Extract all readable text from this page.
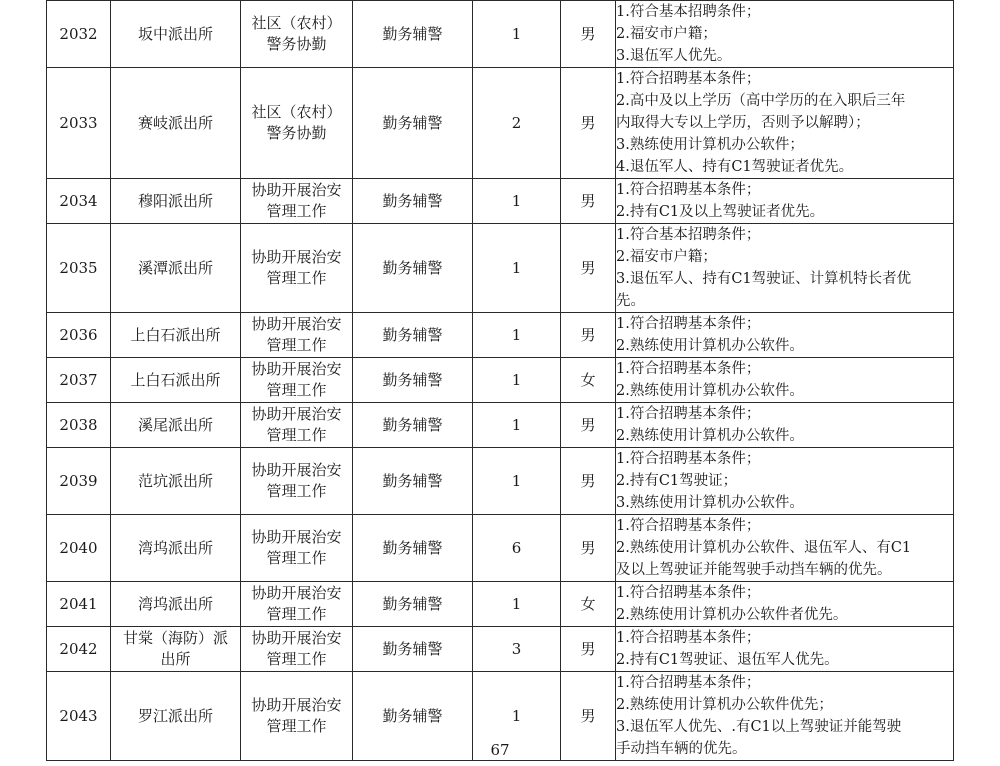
2032	坂中派出所	社区（农村）
警务协勤	勤务辅警	1	男	1.符合基本招聘条件；
2.福安市户籍；
3.退伍军人优先。

2033	赛岐派出所	社区（农村）
警务协勤	勤务辅警	2	男	1.符合招聘基本条件；
2.高中及以上学历（高中学历的在入职后三年
内取得大专以上学历，否则予以解聘）；
3.熟练使用计算机办公软件；
4.退伍军人、持有C1驾驶证者优先。

2034	穆阳派出所	协助开展治安
管理工作	勤务辅警	1	男	1.符合招聘基本条件；
2.持有C1及以上驾驶证者优先。

2035	溪潭派出所	协助开展治安
管理工作	勤务辅警	1	男	1.符合基本招聘条件；
2.福安市户籍；
3.退伍军人、持有C1驾驶证、计算机特长者优
先。

2036	上白石派出所	协助开展治安
管理工作	勤务辅警	1	男	1.符合招聘基本条件；
2.熟练使用计算机办公软件。

2037	上白石派出所	协助开展治安
管理工作	勤务辅警	1	女	1.符合招聘基本条件；
2.熟练使用计算机办公软件。

2038	溪尾派出所	协助开展治安
管理工作	勤务辅警	1	男	1.符合招聘基本条件；
2.熟练使用计算机办公软件。

2039	范坑派出所	协助开展治安
管理工作	勤务辅警	1	男	1.符合招聘基本条件；
2.持有C1驾驶证；
3.熟练使用计算机办公软件。

2040	湾坞派出所	协助开展治安
管理工作	勤务辅警	6	男	1.符合招聘基本条件；
2.熟练使用计算机办公软件、退伍军人、有C1
及以上驾驶证并能驾驶手动挡车辆的优先。

2041	湾坞派出所	协助开展治安
管理工作	勤务辅警	1	女	1.符合招聘基本条件；
2.熟练使用计算机办公软件者优先。

2042	甘棠（海防）派
出所	协助开展治安
管理工作	勤务辅警	3	男	1.符合招聘基本条件；
2.持有C1驾驶证、退伍军人优先。

2043	罗江派出所	协助开展治安
管理工作	勤务辅警	1	男	1.符合招聘基本条件；
2.熟练使用计算机办公软件优先；
3.退伍军人优先、.有C1以上驾驶证并能驾驶
手动挡车辆的优先。
67
